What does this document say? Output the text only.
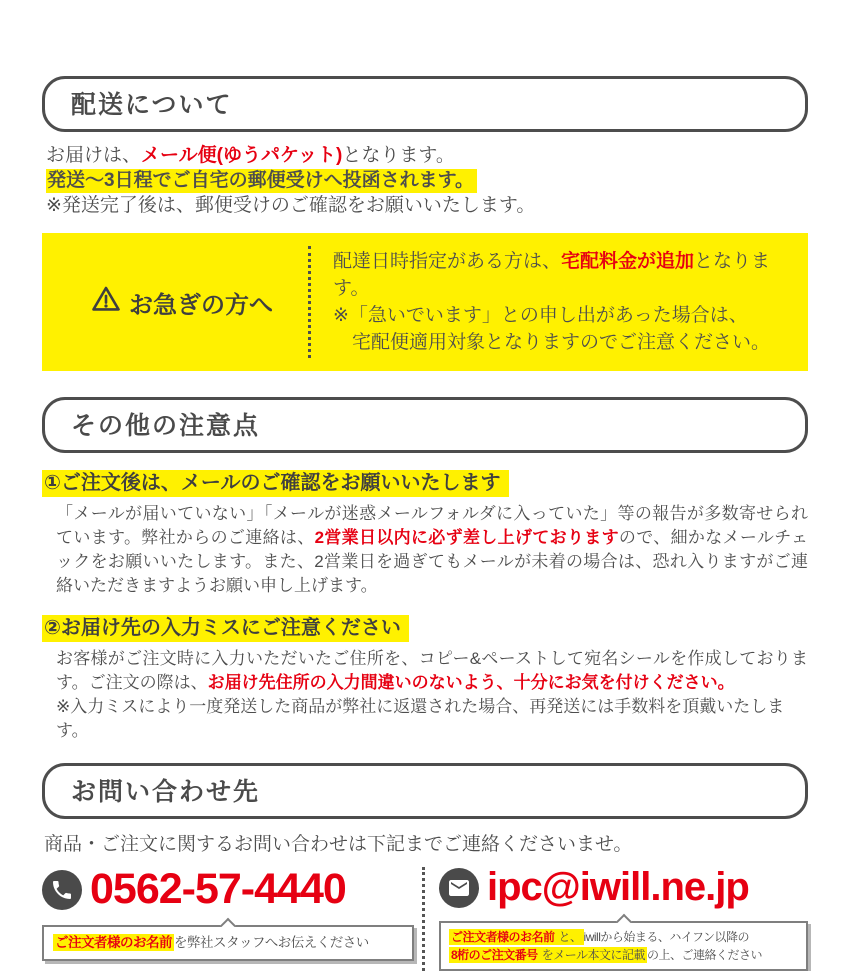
配送について
お届けは、メール便(ゆうパケット)となります。
発送〜3日程でご自宅の郵便受けへ投函されます。
※発送完了後は、郵便受けのご確認をお願いいたします。
お急ぎの方へ
配達日時指定がある方は、宅配料金が追加となります。
※「急いでいます」との申し出があった場合は、
宅配便適用対象となりますのでご注意ください。
その他の注意点
①ご注文後は、メールのご確認をお願いいたします
「メールが届いていない」「メールが迷惑メールフォルダに入っていた」等の報告が多数寄せられています。弊社からのご連絡は、2営業日以内に必ず差し上げておりますので、細かなメールチェックをお願いいたします。また、2営業日を過ぎてもメールが未着の場合は、恐れ入りますがご連絡いただきますようお願い申し上げます。
②お届け先の入力ミスにご注意ください
お客様がご注文時に入力いただいたご住所を、コピー&ペーストして宛名シールを作成しております。ご注文の際は、お届け先住所の入力間違いのないよう、十分にお気を付けください。
※入力ミスにより一度発送した商品が弊社に返還された場合、再発送には手数料を頂戴いたします。
お問い合わせ先
商品・ご注文に関するお問い合わせは下記までご連絡くださいませ。
0562-57-4440
ご注文者様のお名前 を弊社スタッフへお伝えください
ipc@iwill.ne.jp
ご注文者様のお名前 と、 iwillから始まる、ハイフン以降の
8桁のご注文番号 をメール本文に記載 の上、ご連絡ください
